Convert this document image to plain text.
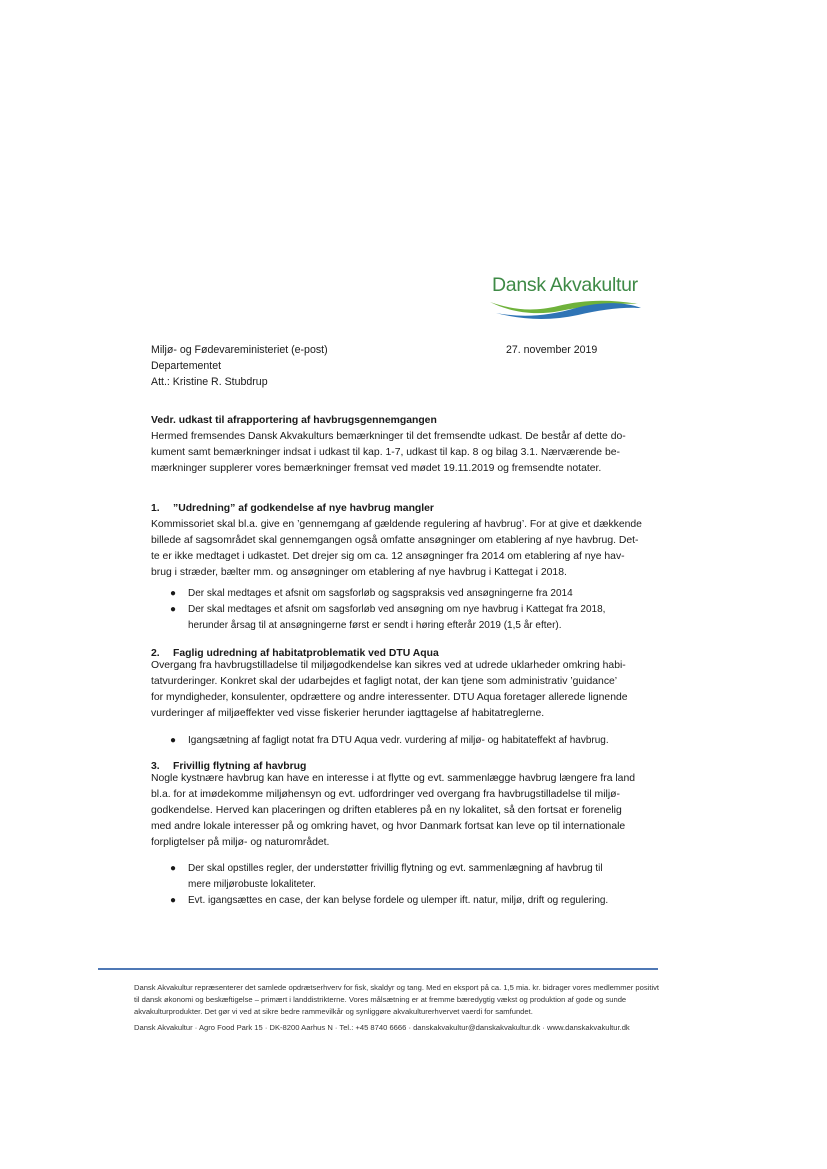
Dansk Akvakultur
Miljø- og Fødevareministeriet (e-post)
Departementet
Att.: Kristine R. Stubdrup
27. november 2019
Vedr. udkast til afrapportering af havbrugsgennemgangen
Hermed fremsendes Dansk Akvakulturs bemærkninger til det fremsendte udkast. De består af dette do-
kument samt bemærkninger indsat i udkast til kap. 1-7, udkast til kap. 8 og bilag 3.1. Nærværende be-
mærkninger supplerer vores bemærkninger fremsat ved mødet 19.11.2019 og fremsendte notater.
1. ”Udredning” af godkendelse af nye havbrug mangler
Kommissoriet skal bl.a. give en ’gennemgang af gældende regulering af havbrug’. For at give et dækkende
billede af sagsområdet skal gennemgangen også omfatte ansøgninger om etablering af nye havbrug. Det-
te er ikke medtaget i udkastet. Det drejer sig om ca. 12 ansøgninger fra 2014 om etablering af nye hav-
brug i stræder, bælter mm. og ansøgninger om etablering af nye havbrug i Kattegat i 2018.
● Der skal medtages et afsnit om sagsforløb og sagspraksis ved ansøgningerne fra 2014
● Der skal medtages et afsnit om sagsforløb ved ansøgning om nye havbrug i Kattegat fra 2018,
herunder årsag til at ansøgningerne først er sendt i høring efterår 2019 (1,5 år efter).
2. Faglig udredning af habitatproblematik ved DTU Aqua
Overgang fra havbrugstilladelse til miljøgodkendelse kan sikres ved at udrede uklarheder omkring habi-
tatvurderinger. Konkret skal der udarbejdes et fagligt notat, der kan tjene som administrativ ’guidance’
for myndigheder, konsulenter, opdrættere og andre interessenter. DTU Aqua foretager allerede lignende
vurderinger af miljøeffekter ved visse fiskerier herunder iagttagelse af habitatreglerne.
● Igangsætning af fagligt notat fra DTU Aqua vedr. vurdering af miljø- og habitateffekt af havbrug.
3. Frivillig flytning af havbrug
Nogle kystnære havbrug kan have en interesse i at flytte og evt. sammenlægge havbrug længere fra land
bl.a. for at imødekomme miljøhensyn og evt. udfordringer ved overgang fra havbrugstilladelse til miljø-
godkendelse. Herved kan placeringen og driften etableres på en ny lokalitet, så den fortsat er forenelig
med andre lokale interesser på og omkring havet, og hvor Danmark fortsat kan leve op til internationale
forpligtelser på miljø- og naturområdet.
● Der skal opstilles regler, der understøtter frivillig flytning og evt. sammenlægning af havbrug til
mere miljørobuste lokaliteter.
● Evt. igangsættes en case, der kan belyse fordele og ulemper ift. natur, miljø, drift og regulering.
Dansk Akvakultur repræsenterer det samlede opdrætserhverv for fisk, skaldyr og tang. Med en eksport på ca. 1,5 mia. kr. bidrager vores medlemmer positivt
til dansk økonomi og beskæftigelse – primært i landdistrikterne. Vores målsætning er at fremme bæredygtig vækst og produktion af gode og sunde
akvakulturprodukter. Det gør vi ved at sikre bedre rammevilkår og synliggøre akvakulturerhvervet vaerdi for samfundet.
Dansk Akvakultur · Agro Food Park 15 · DK-8200 Aarhus N · Tel.: +45 8740 6666 · danskakvakultur@danskakvakultur.dk · www.danskakvakultur.dk
